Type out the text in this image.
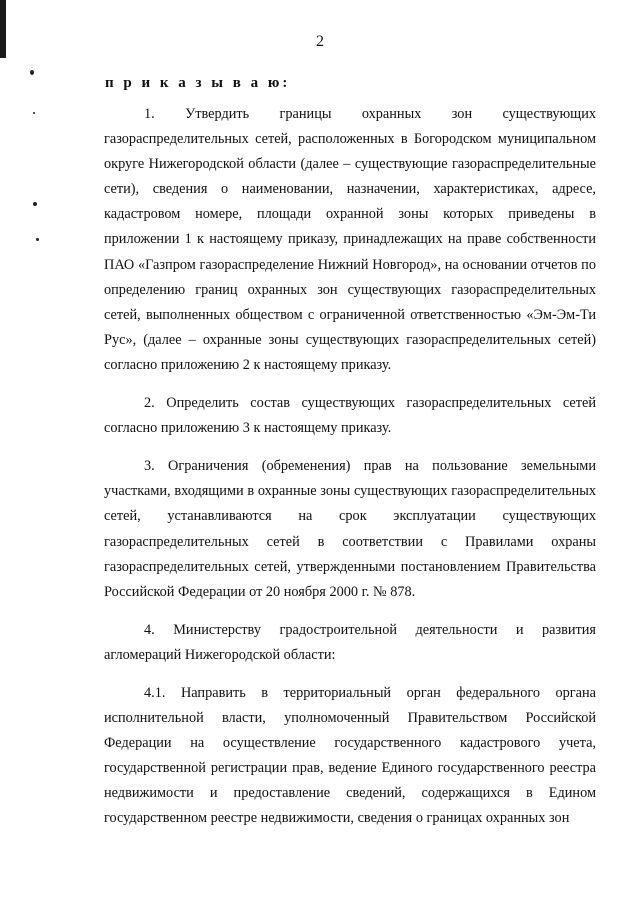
2
п р и к а з ы в а ю:

1. Утвердить границы охранных зон существующих газораспределительных сетей, расположенных в Богородском муниципальном округе Нижегородской области (далее – существующие газораспределительные сети), сведения о наименовании, назначении, характеристиках, адресе, кадастровом номере, площади охранной зоны которых приведены в приложении 1 к настоящему приказу, принадлежащих на праве собственности ПАО «Газпром газораспределение Нижний Новгород», на основании отчетов по определению границ охранных зон существующих газораспределительных сетей, выполненных обществом с ограниченной ответственностью «Эм-Эм-Ти Рус», (далее – охранные зоны существующих газораспределительных сетей) согласно приложению 2 к настоящему приказу.

2. Определить состав существующих газораспределительных сетей согласно приложению 3 к настоящему приказу.

3. Ограничения (обременения) прав на пользование земельными участками, входящими в охранные зоны существующих газораспределительных сетей, устанавливаются на срок эксплуатации существующих газораспределительных сетей в соответствии с Правилами охраны газораспределительных сетей, утвержденными постановлением Правительства Российской Федерации от 20 ноября 2000 г. № 878.

4. Министерству градостроительной деятельности и развития агломераций Нижегородской области:

4.1. Направить в территориальный орган федерального органа исполнительной власти, уполномоченный Правительством Российской Федерации на осуществление государственного кадастрового учета, государственной регистрации прав, ведение Единого государственного реестра недвижимости и предоставление сведений, содержащихся в Едином государственном реестре недвижимости, сведения о границах охранных зон
